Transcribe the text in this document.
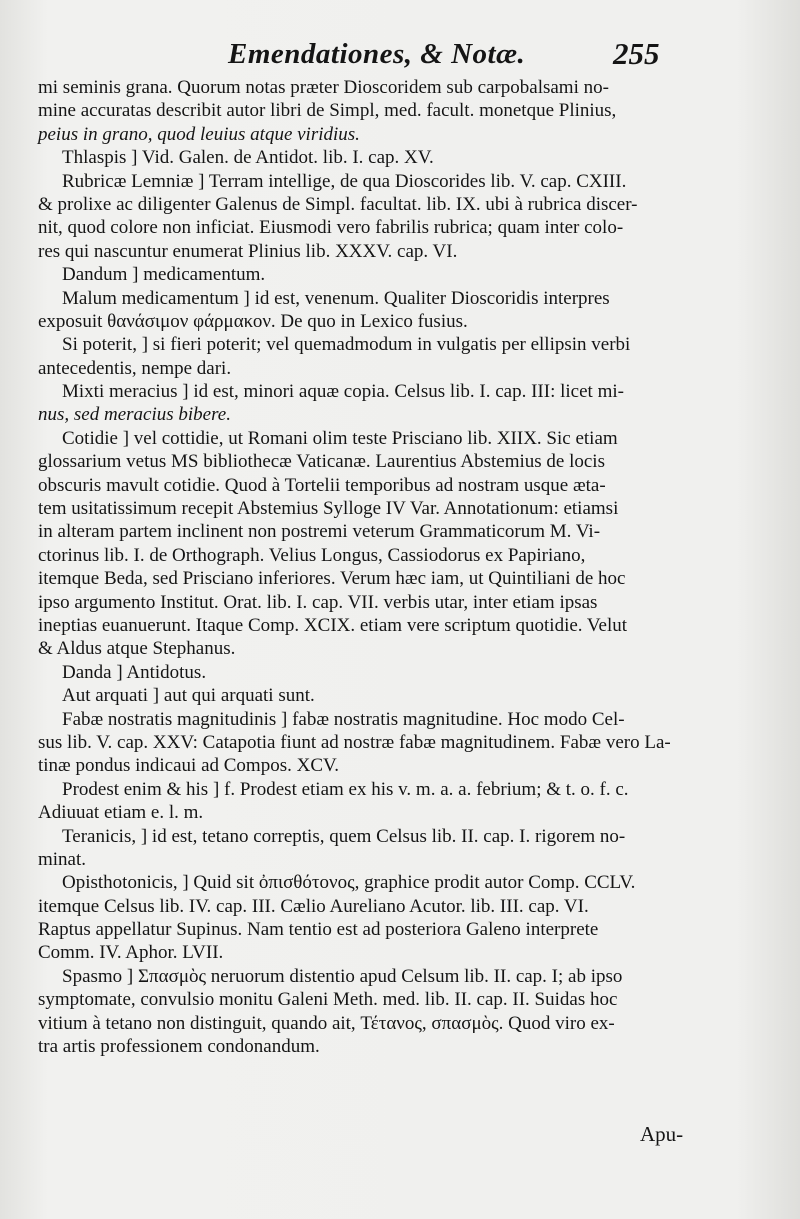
Emendationes, & Notæ.	255
mi seminis grana. Quorum notas præter Dioscoridem sub carpobalsami no-
mine accuratas describit autor libri de Simpl, med. facult. monetque Plinius,
peius in grano, quod leuius atque viridius.
Thlaspis ] Vid. Galen. de Antidot. lib. I. cap. XV.
Rubricæ Lemniæ ] Terram intellige, de qua Dioscorides lib. V. cap. CXIII.
& prolixe ac diligenter Galenus de Simpl. facultat. lib. IX. ubi à rubrica discer-
nit, quod colore non inficiat. Eiusmodi vero fabrilis rubrica; quam inter colo-
res qui nascuntur enumerat Plinius lib. XXXV. cap. VI.
Dandum ] medicamentum.
Malum medicamentum ] id est, venenum. Qualiter Dioscoridis interpres
exposuit θανάσιμον φάρμακον. De quo in Lexico fusius.
Si poterit, ] si fieri poterit; vel quemadmodum in vulgatis per ellipsin verbi
antecedentis, nempe dari.
Mixti meracius ] id est, minori aquæ copia. Celsus lib. I. cap. III: licet mi-
nus, sed meracius bibere.
Cotidie ] vel cottidie, ut Romani olim teste Prisciano lib. XIIX. Sic etiam
glossarium vetus MS bibliothecæ Vaticanæ. Laurentius Abstemius de locis
obscuris mavult cotidie. Quod à Tortelii temporibus ad nostram usque æta-
tem usitatissimum recepit Abstemius Sylloge IV Var. Annotationum: etiamsi
in alteram partem inclinent non postremi veterum Grammaticorum M. Vi-
ctorinus lib. I. de Orthograph. Velius Longus, Cassiodorus ex Papiriano,
itemque Beda, sed Prisciano inferiores. Verum hæc iam, ut Quintiliani de hoc
ipso argumento Institut. Orat. lib. I. cap. VII. verbis utar, inter etiam ipsas
ineptias euanuerunt. Itaque Comp. XCIX. etiam vere scriptum quotidie. Velut
& Aldus atque Stephanus.
Danda ] Antidotus.
Aut arquati ] aut qui arquati sunt.
Fabæ nostratis magnitudinis ] fabæ nostratis magnitudine. Hoc modo Cel-
sus lib. V. cap. XXV: Catapotia fiunt ad nostræ fabæ magnitudinem. Fabæ vero La-
tinæ pondus indicaui ad Compos. XCV.
Prodest enim & his ] f. Prodest etiam ex his v. m. a. a. febrium; & t. o. f. c.
Adiuuat etiam e. l. m.
Teranicis, ] id est, tetano correptis, quem Celsus lib. II. cap. I. rigorem no-
minat.
Opisthotonicis, ] Quid sit ὀπισθότονος, graphice prodit autor Comp. CCLV.
itemque Celsus lib. IV. cap. III. Cælio Aureliano Acutor. lib. III. cap. VI.
Raptus appellatur Supinus. Nam tentio est ad posteriora Galeno interprete
Comm. IV. Aphor. LVII.
Spasmo ] Σπασμὸς neruorum distentio apud Celsum lib. II. cap. I; ab ipso
symptomate, convulsio monitu Galeni Meth. med. lib. II. cap. II. Suidas hoc
vitium à tetano non distinguit, quando ait, Τέτανος, σπασμὸς. Quod viro ex-
tra artis professionem condonandum.
Apu-
